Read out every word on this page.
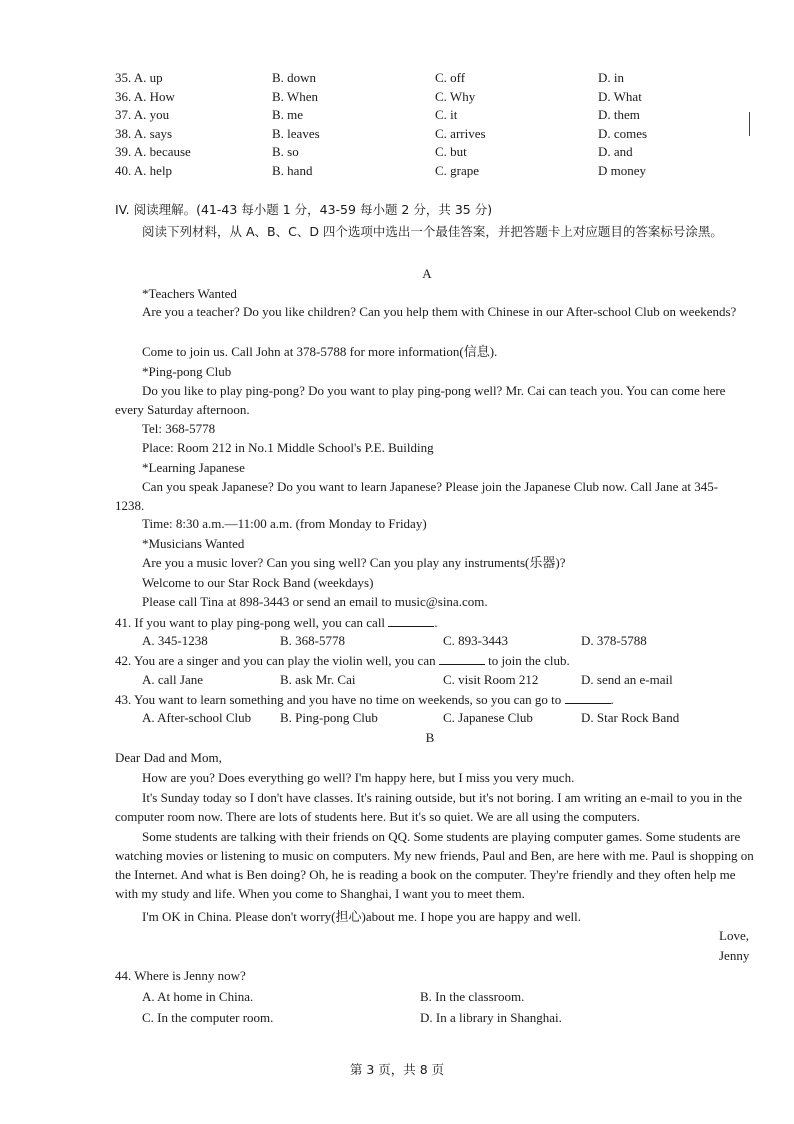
35. A. up	B. down	C. off	D. in
36. A. How	B. When	C. Why	D. What
37. A. you	B. me	C. it	D. them
38. A. says	B. leaves	C. arrives	D. comes
39. A. because	B. so	C. but	D. and
40. A. help	B. hand	C. grape	D money
IV. 阅读理解。(41-43 每小题 1 分，43-59 每小题 2 分，共 35 分)
阅读下列材料，从 A、B、C、D 四个选项中选出一个最佳答案，并把答题卡上对应题目的答案标号涂黑。
A
*Teachers Wanted
Are you a teacher? Do you like children? Can you help them with Chinese in our After-school Club on weekends?
Come to join us. Call John at 378-5788 for more information(信息).
*Ping-pong Club
Do you like to play ping-pong? Do you want to play ping-pong well? Mr. Cai can teach you. You can come here every Saturday afternoon.
Tel: 368-5778
Place: Room 212 in No.1 Middle School's P.E. Building
*Learning Japanese
Can you speak Japanese? Do you want to learn Japanese? Please join the Japanese Club now. Call Jane at 345-1238.
Time: 8:30 a.m.—11:00 a.m. (from Monday to Friday)
*Musicians Wanted
Are you a music lover? Can you sing well? Can you play any instruments(乐器)?
Welcome to our Star Rock Band (weekdays)
Please call Tina at 898-3443 or send an email to music@sina.com.
41. If you want to play ping-pong well, you can call	.
A. 345-1238	B. 368-5778	C. 893-3443	D. 378-5788
42. You are a singer and you can play the violin well, you can	to join the club.
A. call Jane	B. ask Mr. Cai	C. visit Room 212	D. send an e-mail
43. You want to learn something and you have no time on weekends, so you can go to	.
A. After-school Club B. Ping-pong Club	C. Japanese Club	D. Star Rock Band
B
Dear Dad and Mom,
How are you? Does everything go well? I'm happy here, but I miss you very much.
It's Sunday today so I don't have classes. It's raining outside, but it's not boring. I am writing an e-mail to you in the computer room now. There are lots of students here. But it's so quiet. We are all using the computers.
Some students are talking with their friends on QQ. Some students are playing computer games. Some students are watching movies or listening to music on computers. My new friends, Paul and Ben, are here with me. Paul is shopping on the Internet. And what is Ben doing? Oh, he is reading a book on the computer. They're friendly and they often help me with my study and life. When you come to Shanghai, I want you to meet them.
I'm OK in China. Please don't worry(担心)about me. I hope you are happy and well.
Love,
Jenny
44. Where is Jenny now?
A. At home in China.	B. In the classroom.
C. In the computer room.	D. In a library in Shanghai.
第 3 页，共 8 页
